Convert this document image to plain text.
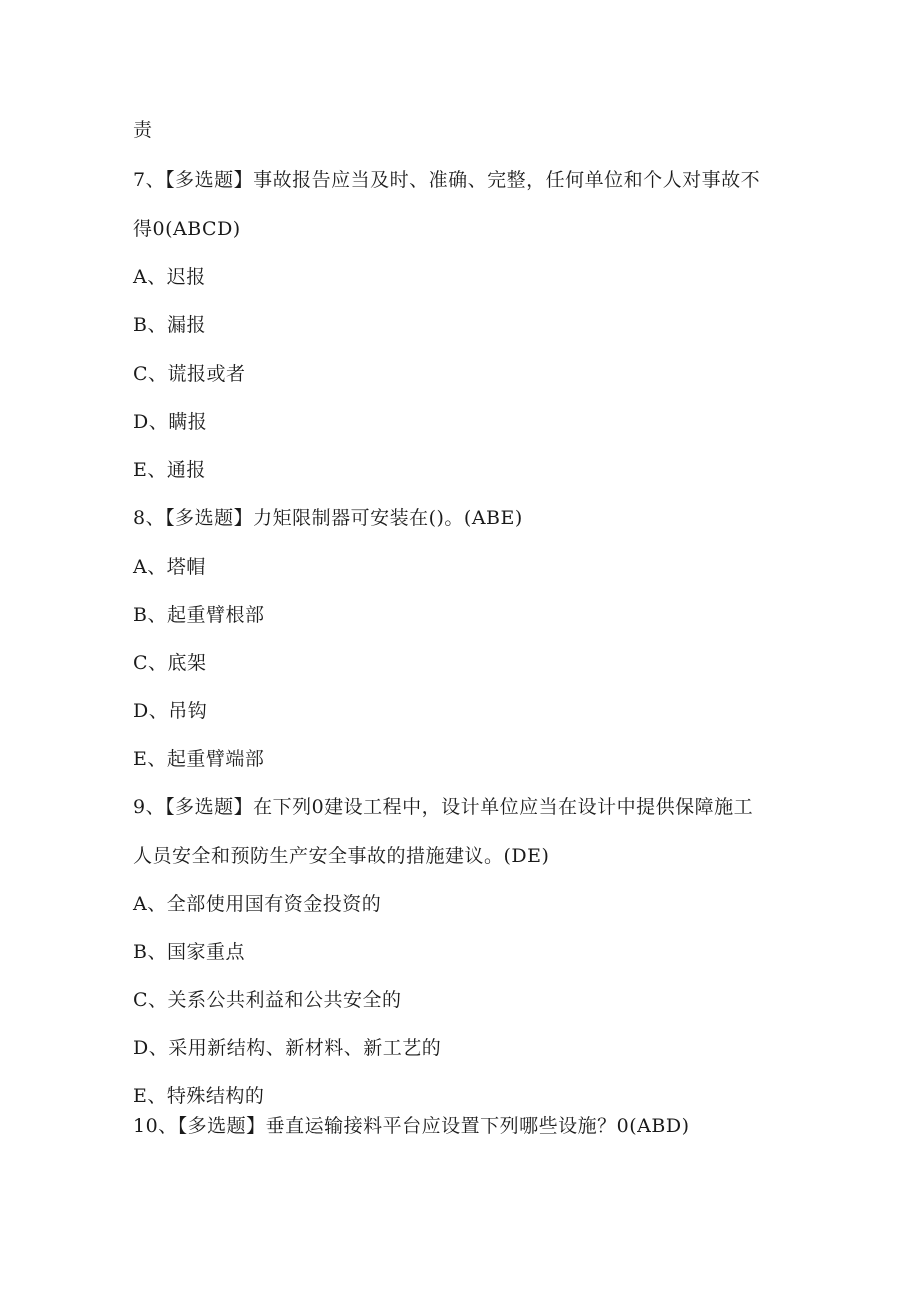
责
7、【多选题】事故报告应当及时、准确、完整，任何单位和个人对事故不
得0(ABCD)
A、迟报
B、漏报
C、谎报或者
D、瞒报
E、通报
8、【多选题】力矩限制器可安装在()。(ABE)
A、塔帽
B、起重臂根部
C、底架
D、吊钩
E、起重臂端部
9、【多选题】在下列0建设工程中，设计单位应当在设计中提供保障施工
人员安全和预防生产安全事故的措施建议。(DE)
A、全部使用国有资金投资的
B、国家重点
C、关系公共利益和公共安全的
D、采用新结构、新材料、新工艺的
E、特殊结构的
10、【多选题】垂直运输接料平台应设置下列哪些设施？0(ABD)
